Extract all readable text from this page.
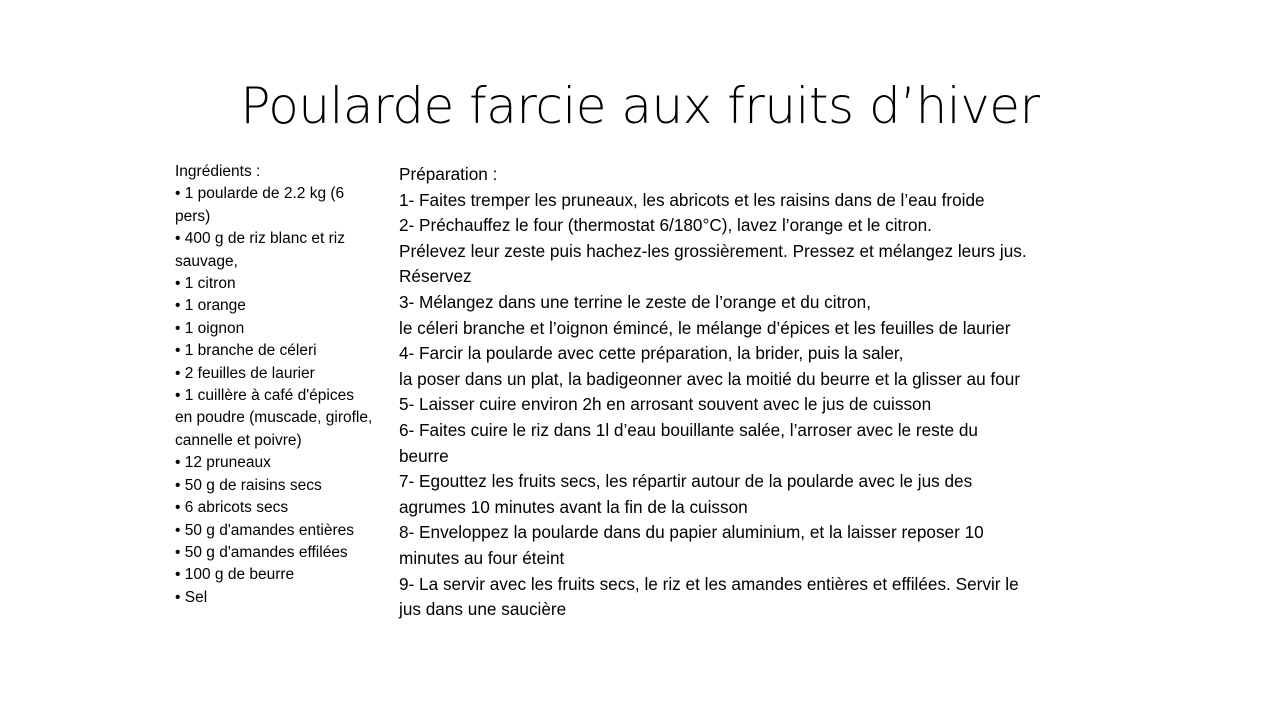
Poularde farcie aux fruits d’hiver
Ingrédients :
• 1 poularde de 2.2 kg (6
pers)
• 400 g de riz blanc et riz
sauvage,
• 1 citron
• 1 orange
• 1 oignon
• 1 branche de céleri
• 2 feuilles de laurier
• 1 cuillère à café d'épices
en poudre (muscade, girofle,
cannelle et poivre)
• 12 pruneaux
• 50 g de raisins secs
• 6 abricots secs
• 50 g d'amandes entières
• 50 g d'amandes effilées
• 100 g de beurre
• Sel
Préparation :
1- Faites tremper les pruneaux, les abricots et les raisins dans de l’eau froide
2- Préchauffez le four (thermostat 6/180°C), lavez l’orange et le citron.
Prélevez leur zeste puis hachez-les grossièrement. Pressez et mélangez leurs jus.
Réservez
3- Mélangez dans une terrine le zeste de l’orange et du citron,
le céleri branche et l’oignon émincé, le mélange d’épices et les feuilles de laurier
4- Farcir la poularde avec cette préparation, la brider, puis la saler,
la poser dans un plat, la badigeonner avec la moitié du beurre et la glisser au four
5- Laisser cuire environ 2h en arrosant souvent avec le jus de cuisson
6- Faites cuire le riz dans 1l d’eau bouillante salée, l’arroser avec le reste du
beurre
7- Egouttez les fruits secs, les répartir autour de la poularde avec le jus des
agrumes 10 minutes avant la fin de la cuisson
8- Enveloppez la poularde dans du papier aluminium, et la laisser reposer 10
minutes au four éteint
9- La servir avec les fruits secs, le riz et les amandes entières et effilées. Servir le
jus dans une saucière
